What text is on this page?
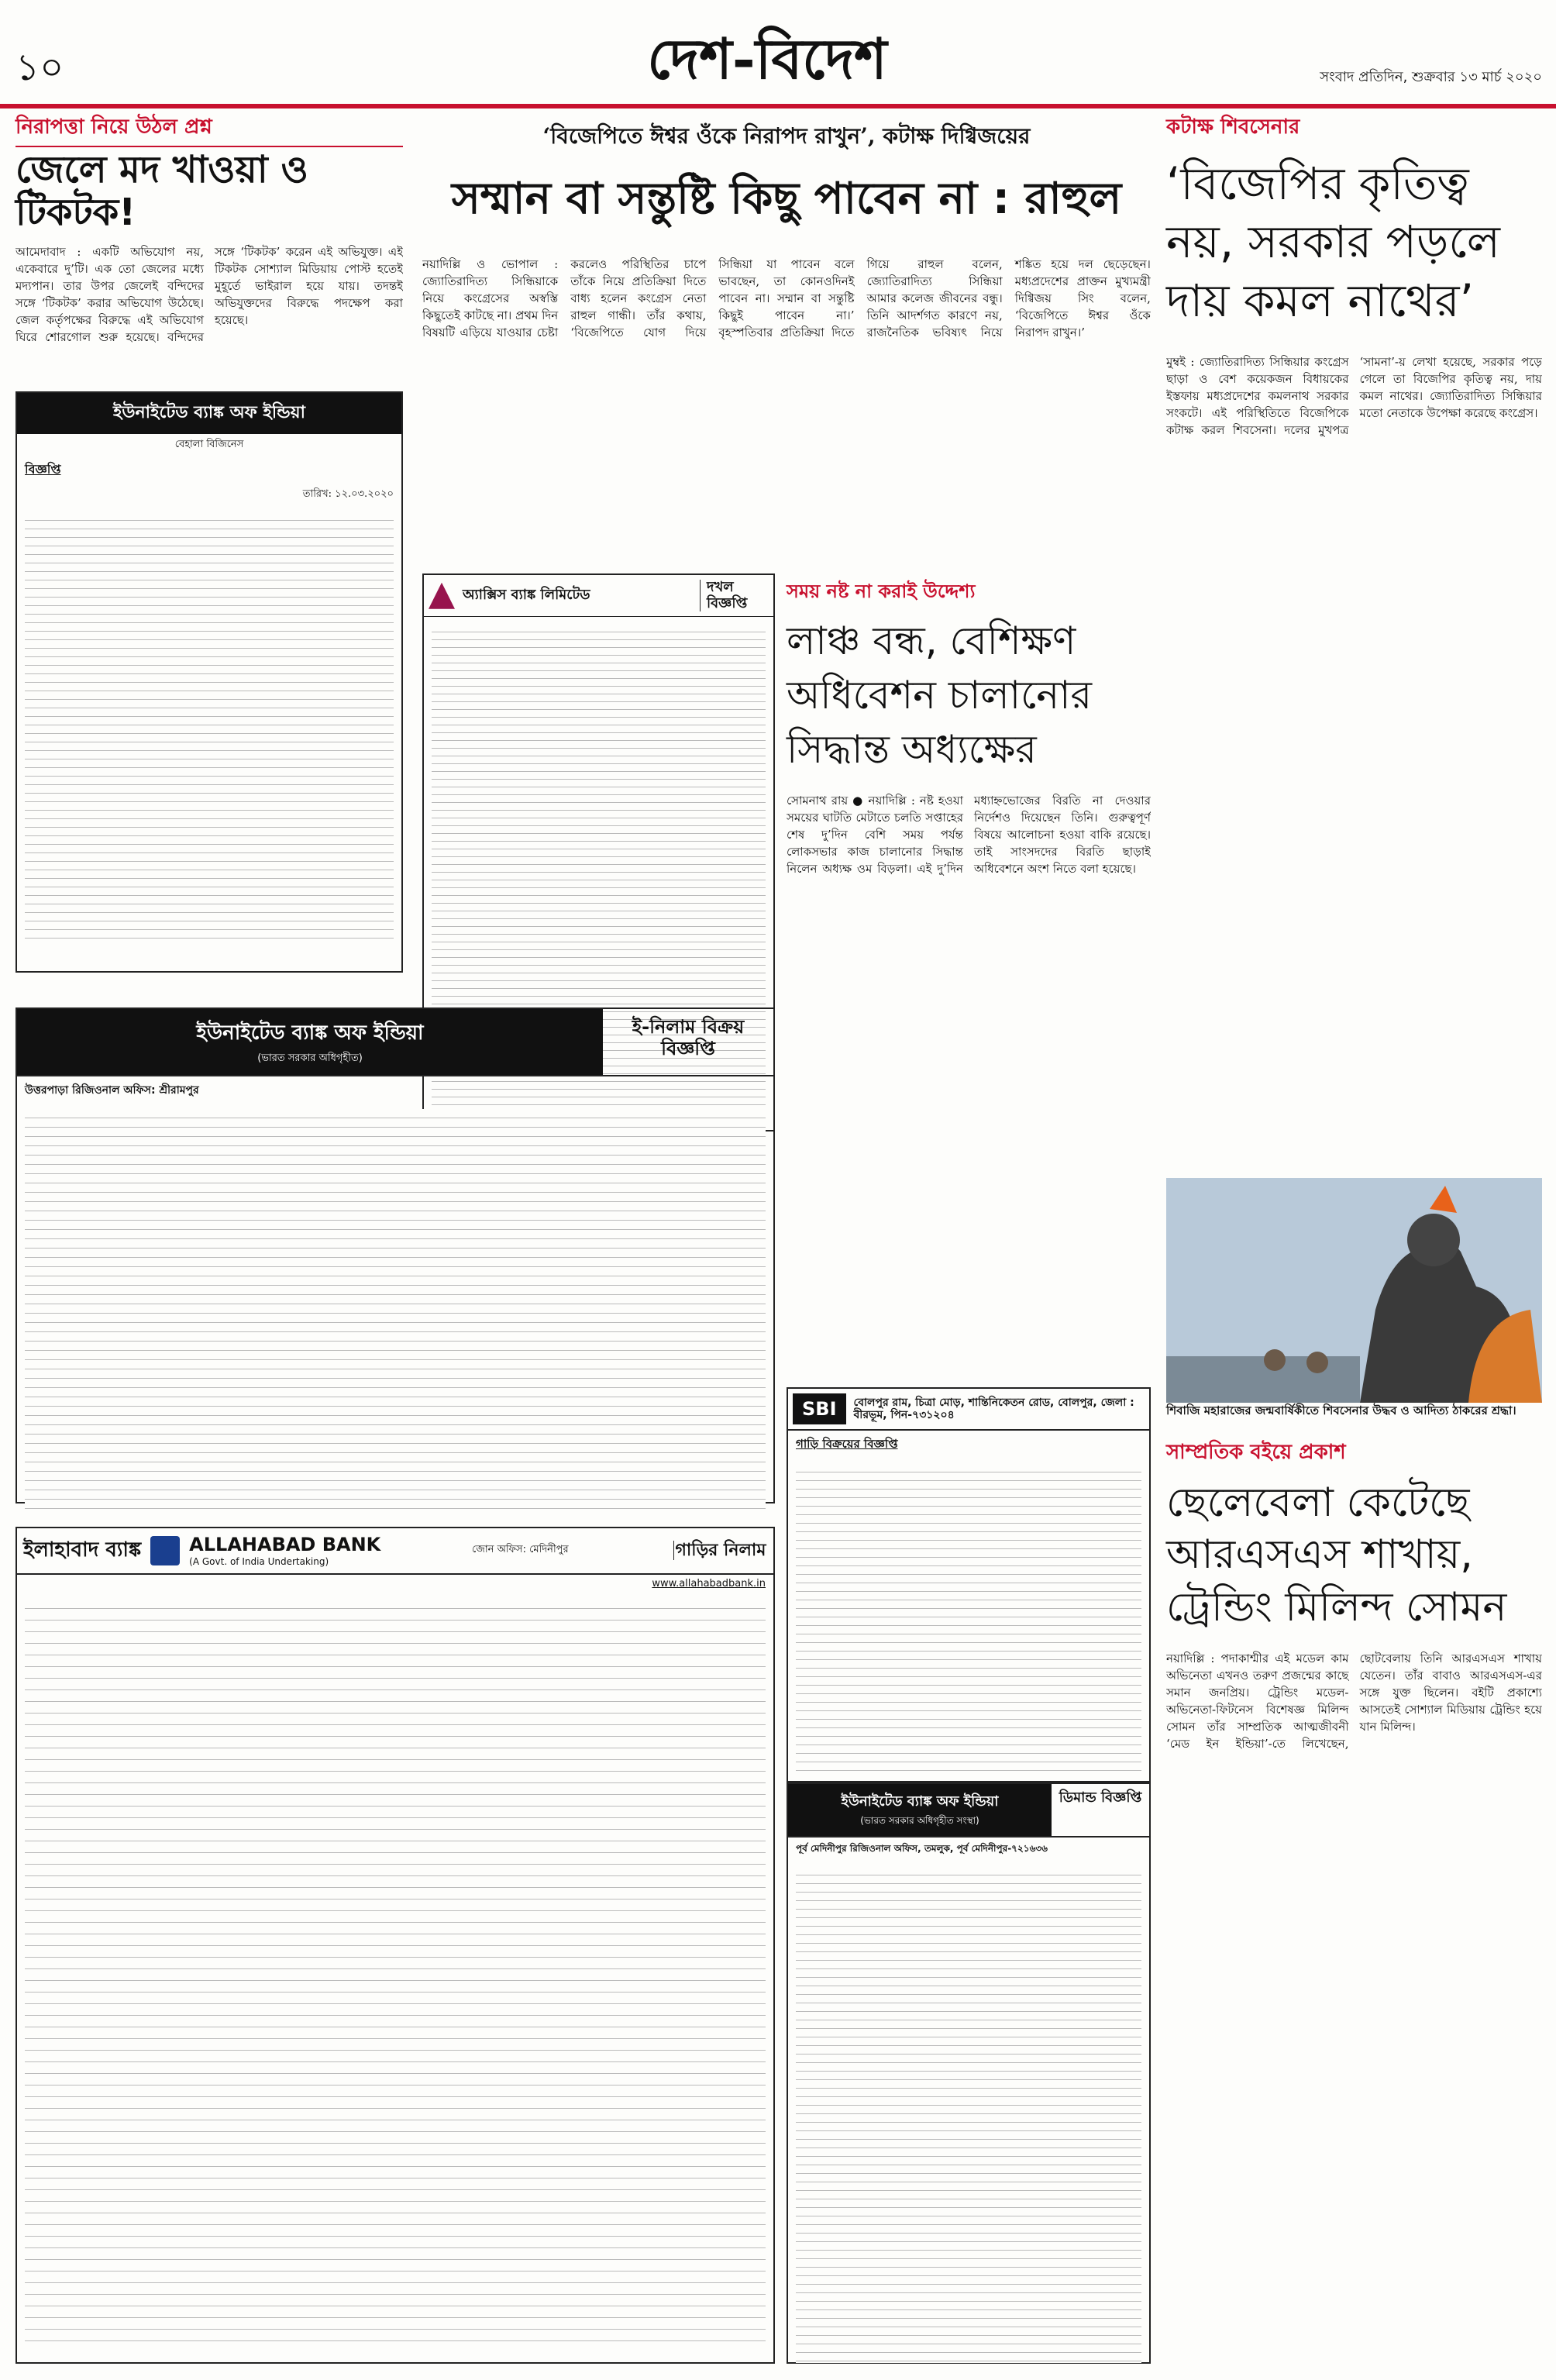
১০	দেশ-বিদেশ	সংবাদ প্রতিদিন, শুক্রবার ১৩ মার্চ ২০২০
নিরাপত্তা নিয়ে উঠল প্রশ্ন
জেলে মদ খাওয়া ও টিকটক!
আমেদাবাদ : একটি অভিযোগ নয়, একেবারে দু’টি। এক তো জেলের মধ্যে মদ্যপান। তার উপর জেলেই বন্দিদের সঙ্গে ‘টিকটক’ করার অভিযোগ উঠেছে। জেল কর্তৃপক্ষের বিরুদ্ধে এই অভিযোগ ঘিরে শোরগোল শুরু হয়েছে। বন্দিদের সঙ্গে ‘টিকটক’ করেন এই অভিযুক্ত। এই টিকটক সোশ্যাল মিডিয়ায় পোস্ট হতেই মুহূর্তে ভাইরাল হয়ে যায়। তদন্তই অভিযুক্তদের বিরুদ্ধে পদক্ষেপ করা হয়েছে।
‘বিজেপিতে ঈশ্বর ওঁকে নিরাপদ রাখুন’, কটাক্ষ দিগ্বিজয়ের
সম্মান বা সন্তুষ্টি কিছু পাবেন না : রাহুল
নয়াদিল্লি ও ভোপাল : জ্যোতিরাদিত্য সিন্ধিয়াকে নিয়ে কংগ্রেসের অস্বস্তি কিছুতেই কাটছে না। প্রথম দিন বিষয়টি এড়িয়ে যাওয়ার চেষ্টা করলেও পরিস্থিতির চাপে তাঁকে নিয়ে প্রতিক্রিয়া দিতে বাধ্য হলেন কংগ্রেস নেতা রাহুল গান্ধী। তাঁর কথায়, ‘বিজেপিতে যোগ দিয়ে সিন্ধিয়া যা পাবেন বলে ভাবছেন, তা কোনওদিনই পাবেন না। সম্মান বা সন্তুষ্টি কিছুই পাবেন না।’ বৃহস্পতিবার প্রতিক্রিয়া দিতে গিয়ে রাহুল বলেন, জ্যোতিরাদিত্য সিন্ধিয়া আমার কলেজ জীবনের বন্ধু। তিনি আদর্শগত কারণে নয়, রাজনৈতিক ভবিষ্যৎ নিয়ে শঙ্কিত হয়ে দল ছেড়েছেন। মধ্যপ্রদেশের প্রাক্তন মুখ্যমন্ত্রী দিগ্বিজয় সিং বলেন, ‘বিজেপিতে ঈশ্বর ওঁকে নিরাপদ রাখুন।’
কটাক্ষ শিবসেনার
‘বিজেপির কৃতিত্ব নয়, সরকার পড়লে দায় কমল নাথের’
মুম্বই : জ্যোতিরাদিত্য সিন্ধিয়ার কংগ্রেস ছাড়া ও বেশ কয়েকজন বিধায়কের ইস্তফায় মধ্যপ্রদেশের কমলনাথ সরকার সংকটে। এই পরিস্থিতিতে বিজেপিকে কটাক্ষ করল শিবসেনা। দলের মুখপত্র ‘সামনা’-য় লেখা হয়েছে, সরকার পড়ে গেলে তা বিজেপির কৃতিত্ব নয়, দায় কমল নাথের। জ্যোতিরাদিত্য সিন্ধিয়ার মতো নেতাকে উপেক্ষা করেছে কংগ্রেস।
শিবাজি মহারাজের জন্মবার্ষিকীতে শিবসেনার উদ্ধব ও আদিত্য ঠাকরের শ্রদ্ধা।
সময় নষ্ট না করাই উদ্দেশ্য
লাঞ্চ বন্ধ, বেশিক্ষণ অধিবেশন চালানোর সিদ্ধান্ত অধ্যক্ষের
সোমনাথ রায় ● নয়াদিল্লি : নষ্ট হওয়া সময়ের ঘাটতি মেটাতে চলতি সপ্তাহের শেষ দু’দিন বেশি সময় পর্যন্ত লোকসভার কাজ চালানোর সিদ্ধান্ত নিলেন অধ্যক্ষ ওম বিড়লা। এই দু’দিন মধ্যাহ্নভোজের বিরতি না দেওয়ার নির্দেশও দিয়েছেন তিনি। গুরুত্বপূর্ণ বিষয়ে আলোচনা হওয়া বাকি রয়েছে। তাই সাংসদদের বিরতি ছাড়াই অধিবেশনে অংশ নিতে বলা হয়েছে।
সাম্প্রতিক বইয়ে প্রকাশ
ছেলেবেলা কেটেছে আরএসএস শাখায়, ট্রেন্ডিং মিলিন্দ সোমন
নয়াদিল্লি : পদাকাশ্মীর এই মডেল কাম অভিনেতা এখনও তরুণ প্রজন্মের কাছে সমান জনপ্রিয়। ট্রেন্ডিং মডেল-অভিনেতা-ফিটনেস বিশেষজ্ঞ মিলিন্দ সোমন তাঁর সাম্প্রতিক আত্মজীবনী ‘মেড ইন ইন্ডিয়া’-তে লিখেছেন, ছোটবেলায় তিনি আরএসএস শাখায় যেতেন। তাঁর বাবাও আরএসএস-এর সঙ্গে যুক্ত ছিলেন। বইটি প্রকাশ্যে আসতেই সোশ্যাল মিডিয়ায় ট্রেন্ডিং হয়ে যান মিলিন্দ।
ইউনাইটেড ব্যাঙ্ক অফ ইন্ডিয়া
বেহালা বিজিনেস
বিজ্ঞপ্তি
তারিখ: ১২.০৩.২০২০
অ্যাক্সিস ব্যাঙ্ক লিমিটেড	দখল বিজ্ঞপ্তি
ইউনাইটেড ব্যাঙ্ক অফ ইন্ডিয়া
(ভারত সরকার অধিগৃহীত)
ই-নিলাম বিক্রয় বিজ্ঞপ্তি
উত্তরপাড়া রিজিওনাল অফিস: শ্রীরামপুর
SBI	বোলপুর রাম, চিত্রা মোড়, শান্তিনিকেতন রোড, বোলপুর, জেলা : বীরভূম, পিন-৭৩১২০৪
গাড়ি বিক্রয়ের বিজ্ঞপ্তি
ইলাহাবাদ ব্যাঙ্ক	ALLAHABAD BANK
(A Govt. of India Undertaking)
জোন অফিস: মেদিনীপুর	গাড়ির নিলাম
www.allahabadbank.in
ইউনাইটেড ব্যাঙ্ক অফ ইন্ডিয়া
(ভারত সরকার অধিগৃহীত সংস্থা)
ডিমান্ড বিজ্ঞপ্তি
পূর্ব মেদিনীপুর রিজিওনাল অফিস, তমলুক, পূর্ব মেদিনীপুর-৭২১৬৩৬
